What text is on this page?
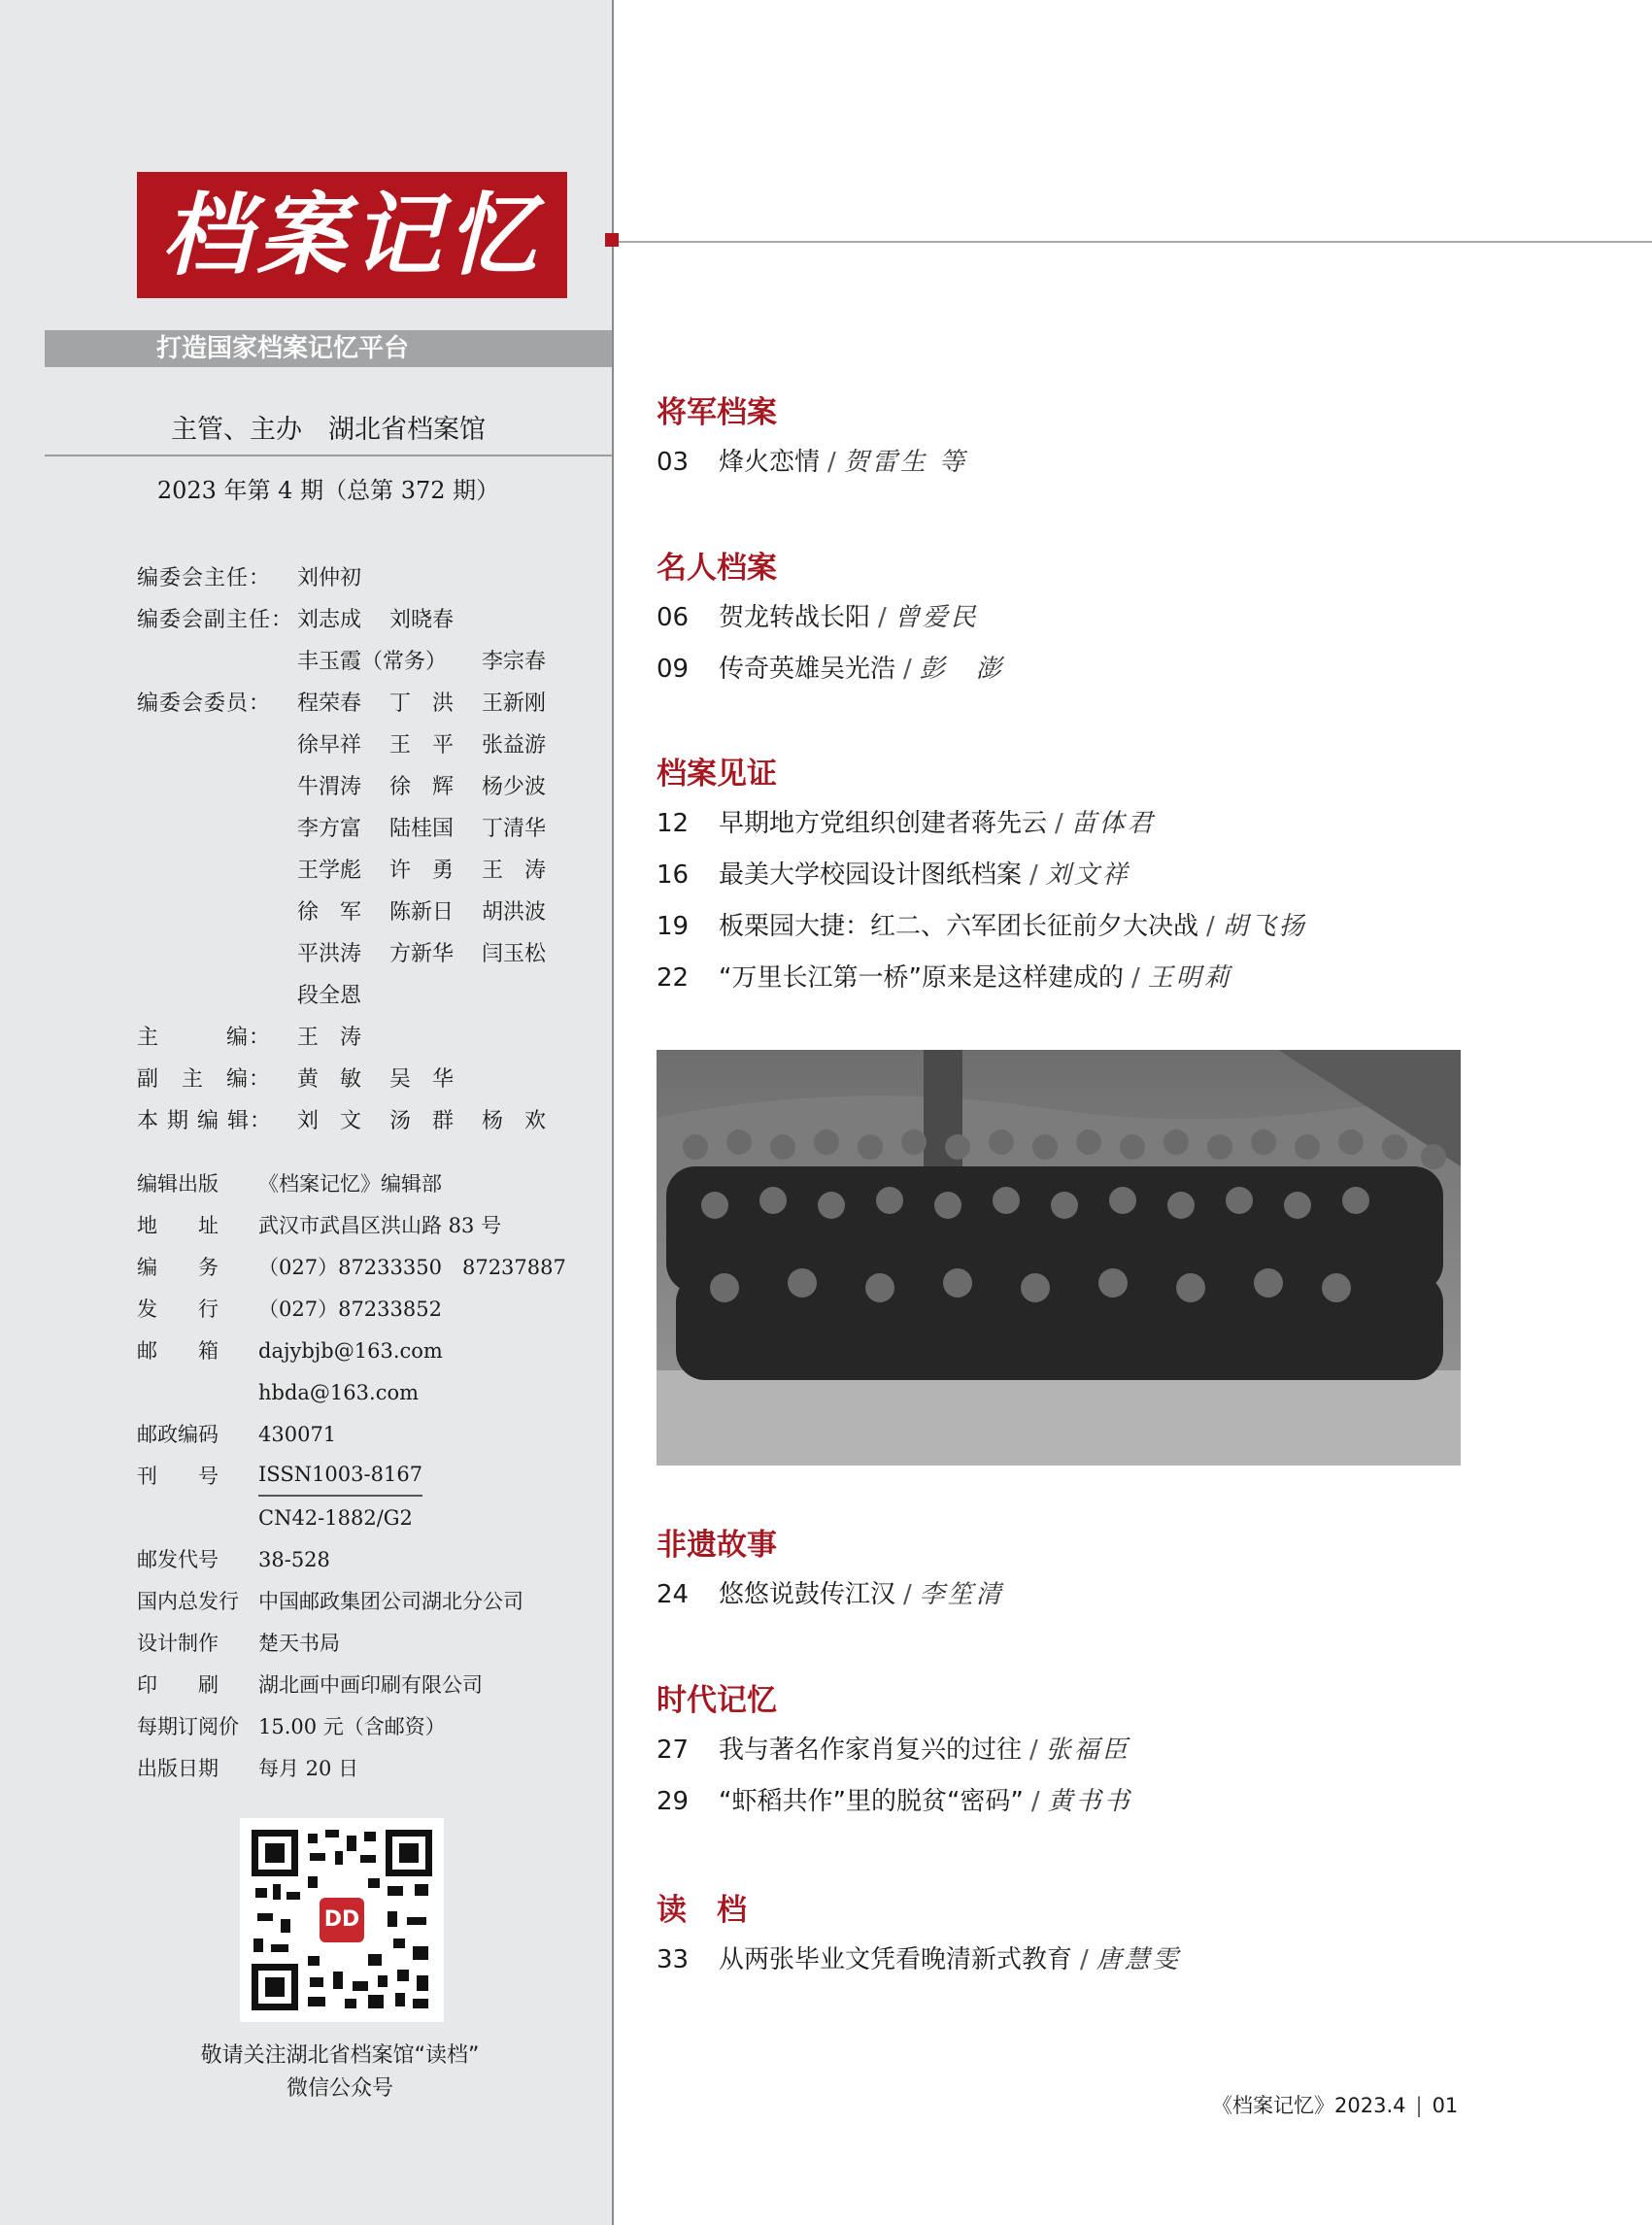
档案记忆
打造国家档案记忆平台
主管、主办　湖北省档案馆
2023 年第 4 期（总第 372 期）
编委会主任：	刘仲初
编委会副主任： 刘志成	刘晓春
丰玉霞（常务）	李宗春
编委会委员：	程荣春	丁　洪	王新刚
徐早祥	王　平	张益游
牛渭涛	徐　辉	杨少波
李方富	陆桂国	丁清华
王学彪	许　勇	王　涛
徐　军	陈新日	胡洪波
平洪涛	方新华	闫玉松
段全恩
主　　　编：	王　涛
副　主　编：	黄　敏	吴　华
本 期 编 辑：	刘　文	汤　群	杨　欢
编辑出版	《档案记忆》编辑部
地　　址	武汉市武昌区洪山路 83 号
编　　务	（027）87233350　87237887
发　　行	（027）87233852
邮　　箱	dajybjb@163.com
hbda@163.com
邮政编码	430071
刊　　号	ISSN1003-8167
CN42-1882/G2
邮发代号	38-528
国内总发行 中国邮政集团公司湖北分公司
设计制作	楚天书局
印　　刷	湖北画中画印刷有限公司
每期订阅价 15.00 元（含邮资）
出版日期	每月 20 日
DD
敬请关注湖北省档案馆“读档”
微信公众号
将军档案
03	烽火恋情 / 贺雷生 等
名人档案
06	贺龙转战长阳 / 曾爱民
09	传奇英雄吴光浩 / 彭　澎
档案见证
12	早期地方党组织创建者蒋先云 / 苗体君
16	最美大学校园设计图纸档案 / 刘文祥
19	板栗园大捷：红二、六军团长征前夕大决战 / 胡飞扬
22	“万里长江第一桥”原来是这样建成的 / 王明莉
非遗故事
24	悠悠说鼓传江汉 / 李笙清
时代记忆
27	我与著名作家肖复兴的过往 / 张福臣
29	“虾稻共作”里的脱贫“密码” / 黄书书
读　档
33	从两张毕业文凭看晚清新式教育 / 唐慧雯
《档案记忆》2023.4 | 01
